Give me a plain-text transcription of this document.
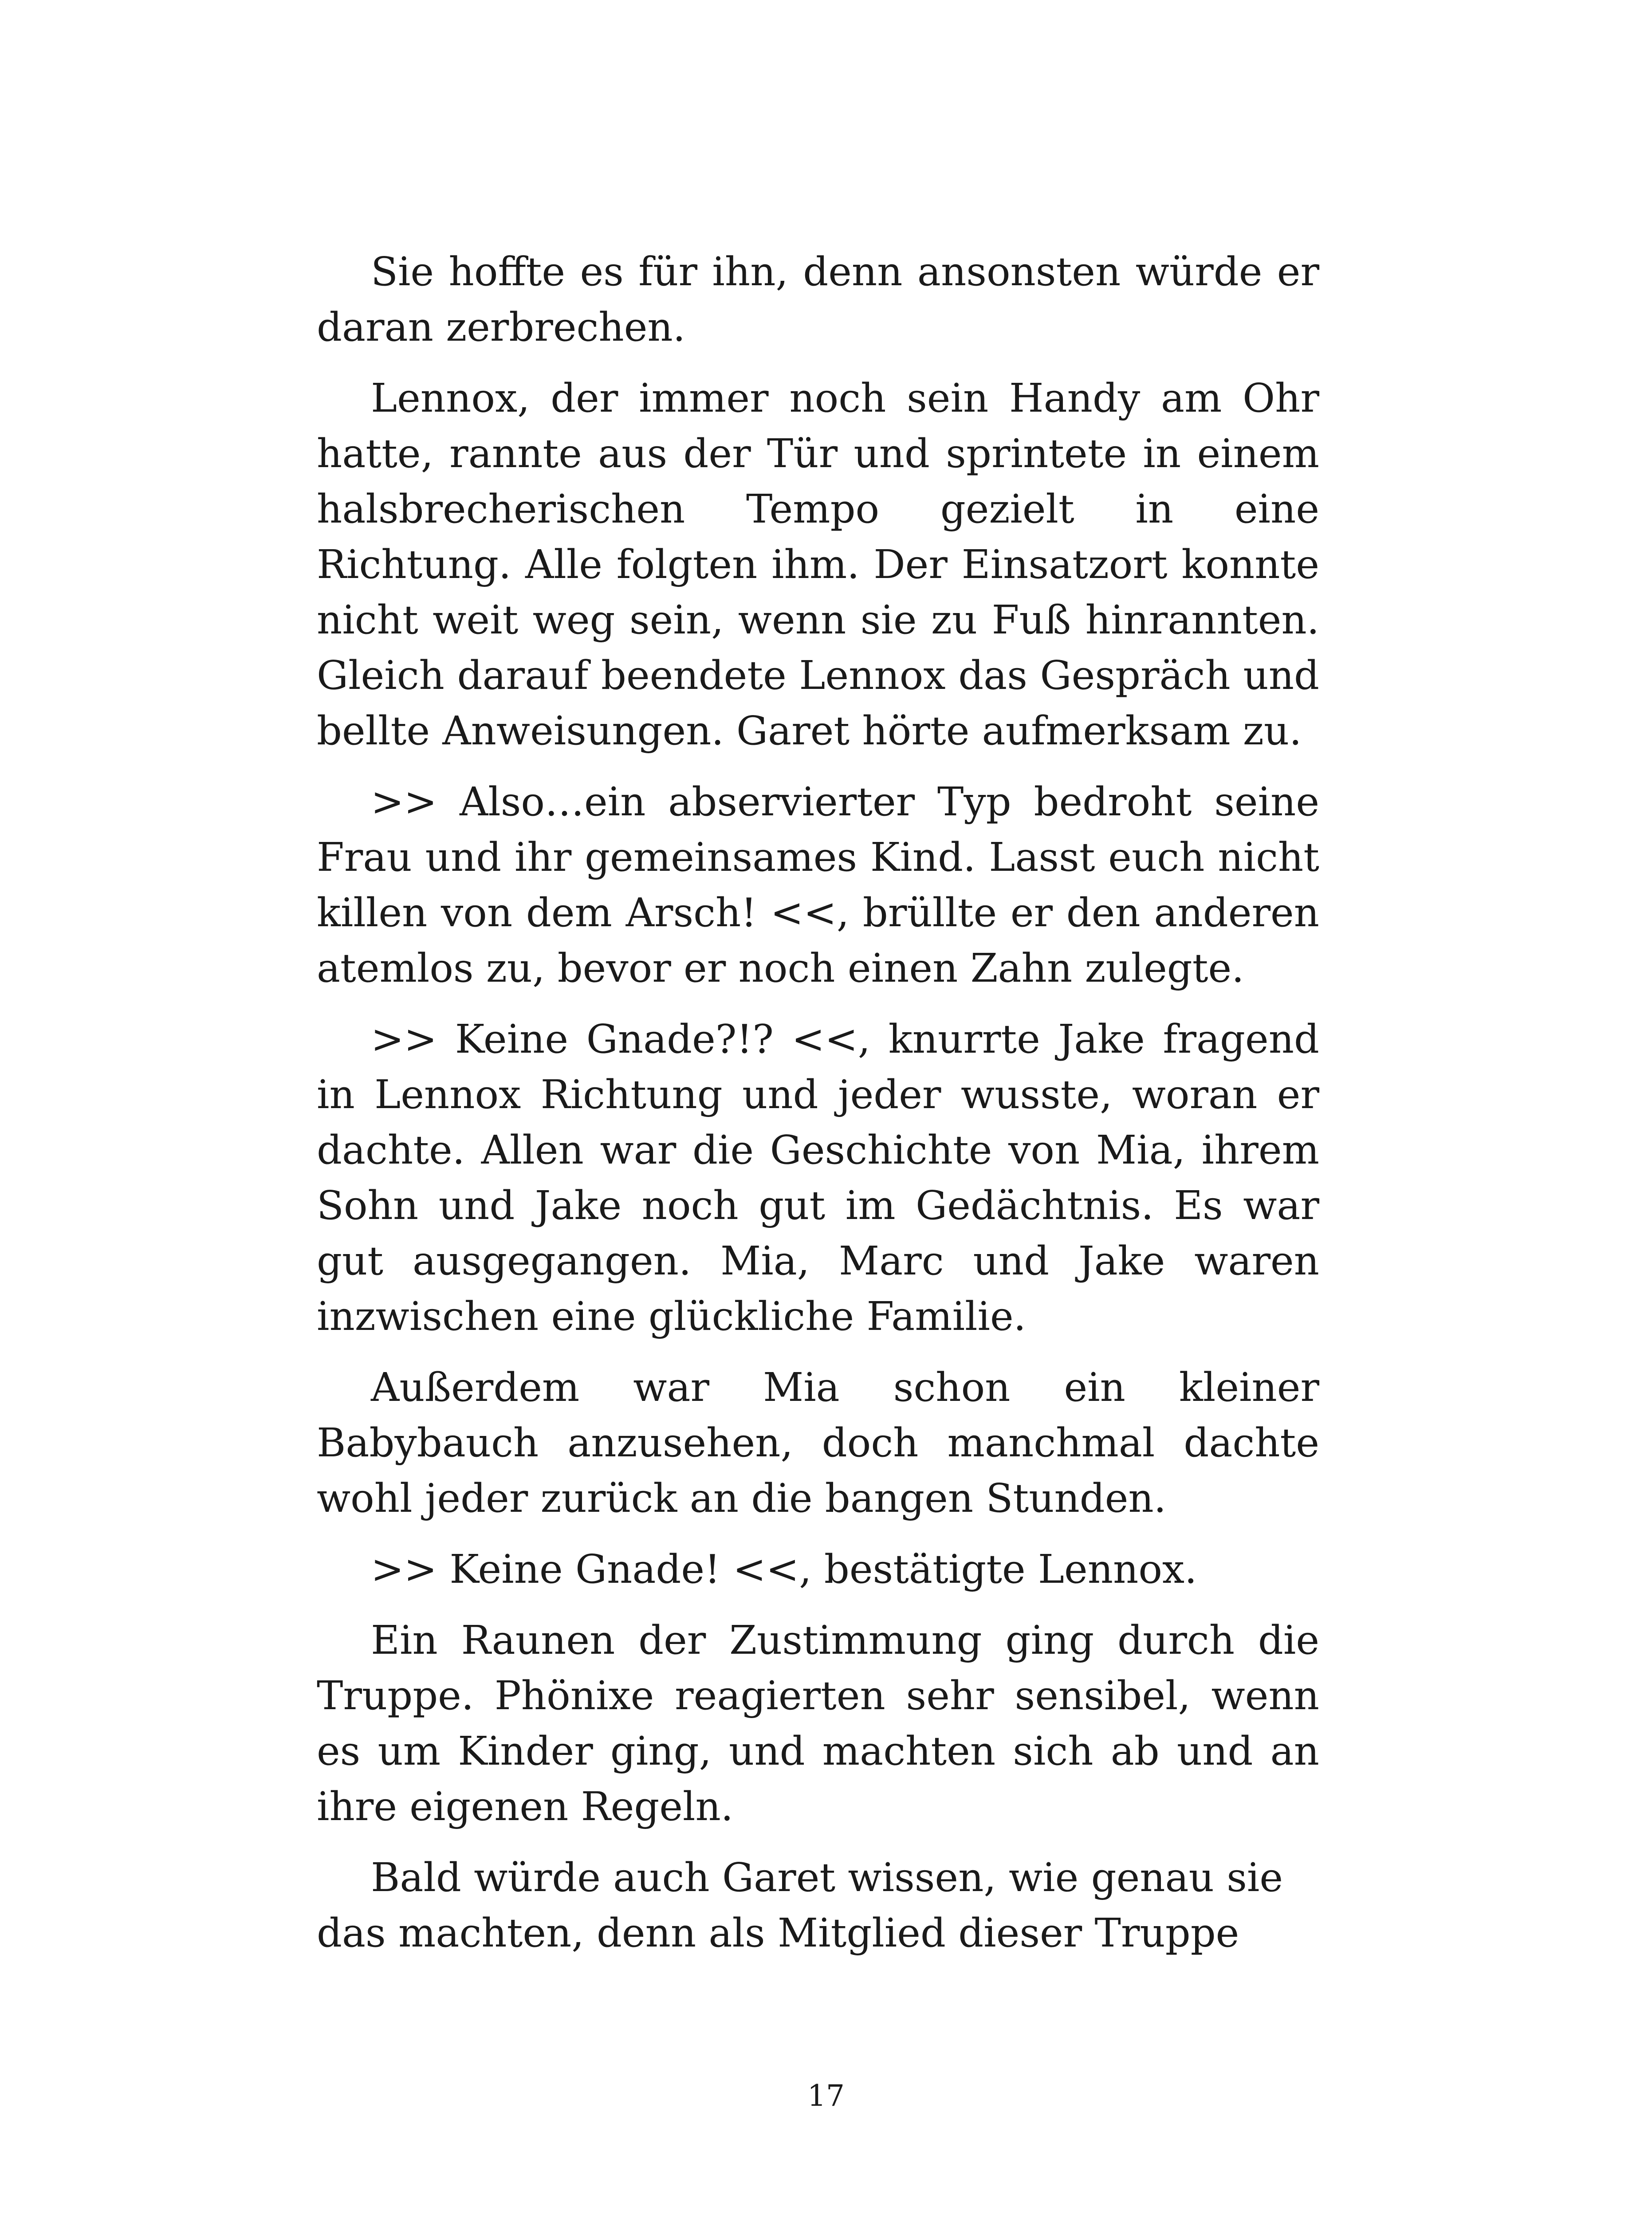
Sie hoffte es für ihn, denn ansonsten würde er daran zerbrechen.

Lennox, der immer noch sein Handy am Ohr hatte, rannte aus der Tür und sprintete in einem halsbrecherischen Tempo gezielt in eine Richtung. Alle folgten ihm. Der Einsatzort konnte nicht weit weg sein, wenn sie zu Fuß hinrannten. Gleich darauf beendete Lennox das Gespräch und bellte Anweisungen. Garet hörte aufmerksam zu.

>> Also…ein abservierter Typ bedroht seine Frau und ihr gemeinsames Kind. Lasst euch nicht killen von dem Arsch! <<, brüllte er den anderen atemlos zu, bevor er noch einen Zahn zulegte.

>> Keine Gnade?!? <<, knurrte Jake fragend in Lennox Richtung und jeder wusste, woran er dachte. Allen war die Geschichte von Mia, ihrem Sohn und Jake noch gut im Gedächtnis. Es war gut ausgegangen. Mia, Marc und Jake waren inzwischen eine glückliche Familie.

Außerdem war Mia schon ein kleiner Babybauch anzusehen, doch manchmal dachte wohl jeder zurück an die bangen Stunden.

>> Keine Gnade! <<, bestätigte Lennox.

Ein Raunen der Zustimmung ging durch die Truppe. Phönixe reagierten sehr sensibel, wenn es um Kinder ging, und machten sich ab und an ihre eigenen Regeln.

Bald würde auch Garet wissen, wie genau sie das machten, denn als Mitglied dieser Truppe

17
